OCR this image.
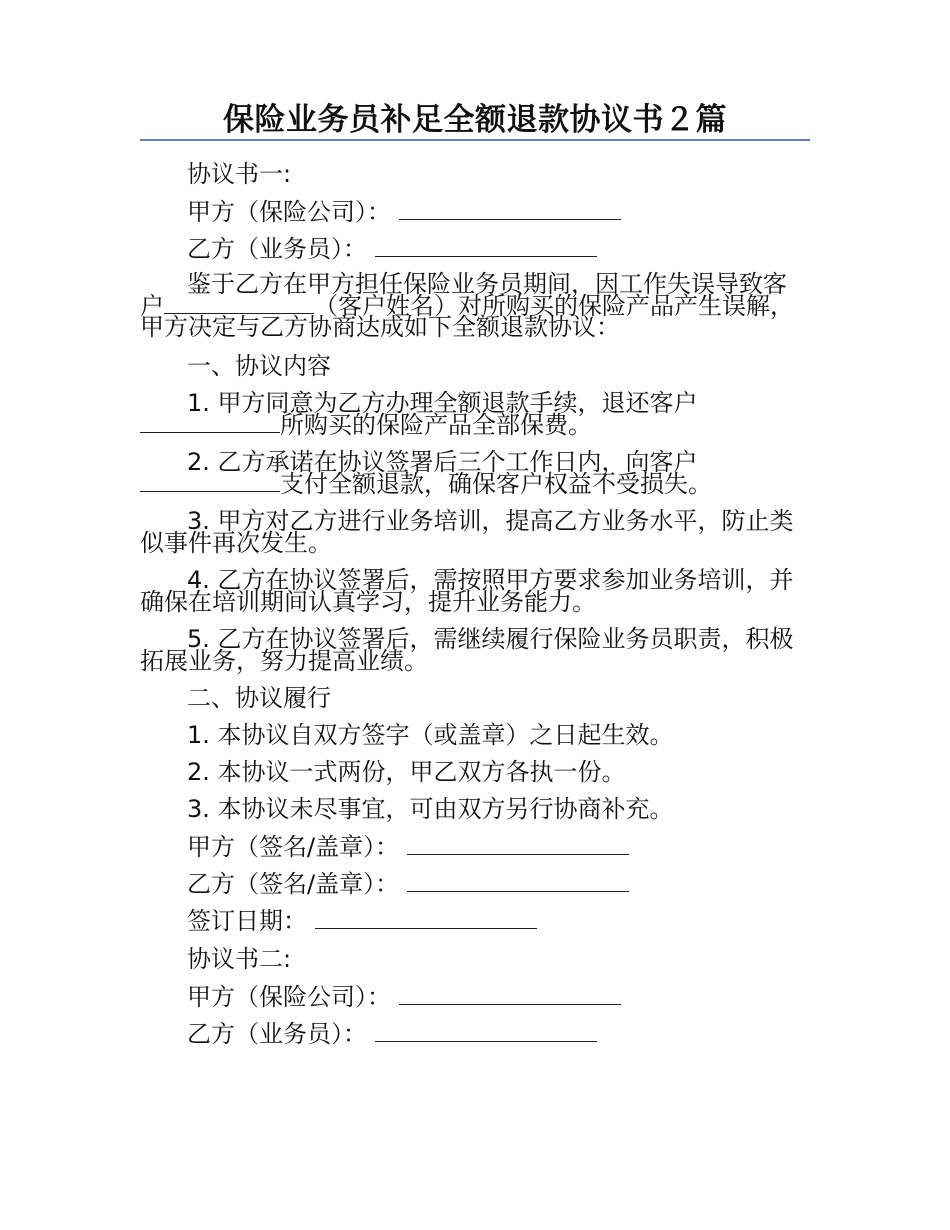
保险业务员补足全额退款协议书２篇
协议书一:
甲方（保险公司）：
乙方（业务员）：
鉴于乙方在甲方担任保险业务员期间，因工作失误导致客
户	（客户姓名）对所购买的保险产品产生误解，
甲方决定与乙方协商达成如下全额退款协议：
一、协议内容
1. 甲方同意为乙方办理全额退款手续，退还客户
所购买的保险产品全部保费。
2. 乙方承诺在协议签署后三个工作日内，向客户
支付全额退款，确保客户权益不受损失。
3. 甲方对乙方进行业务培训，提高乙方业务水平，防止类
似事件再次发生。
4. 乙方在协议签署后，需按照甲方要求参加业务培训，并
确保在培训期间认真学习，提升业务能力。
5. 乙方在协议签署后，需继续履行保险业务员职责，积极
拓展业务，努力提高业绩。
二、协议履行
1. 本协议自双方签字（或盖章）之日起生效。
2. 本协议一式两份，甲乙双方各执一份。
3. 本协议未尽事宜，可由双方另行协商补充。
甲方（签名/盖章）：
乙方（签名/盖章）：
签订日期：
协议书二:
甲方（保险公司）：
乙方（业务员）：
